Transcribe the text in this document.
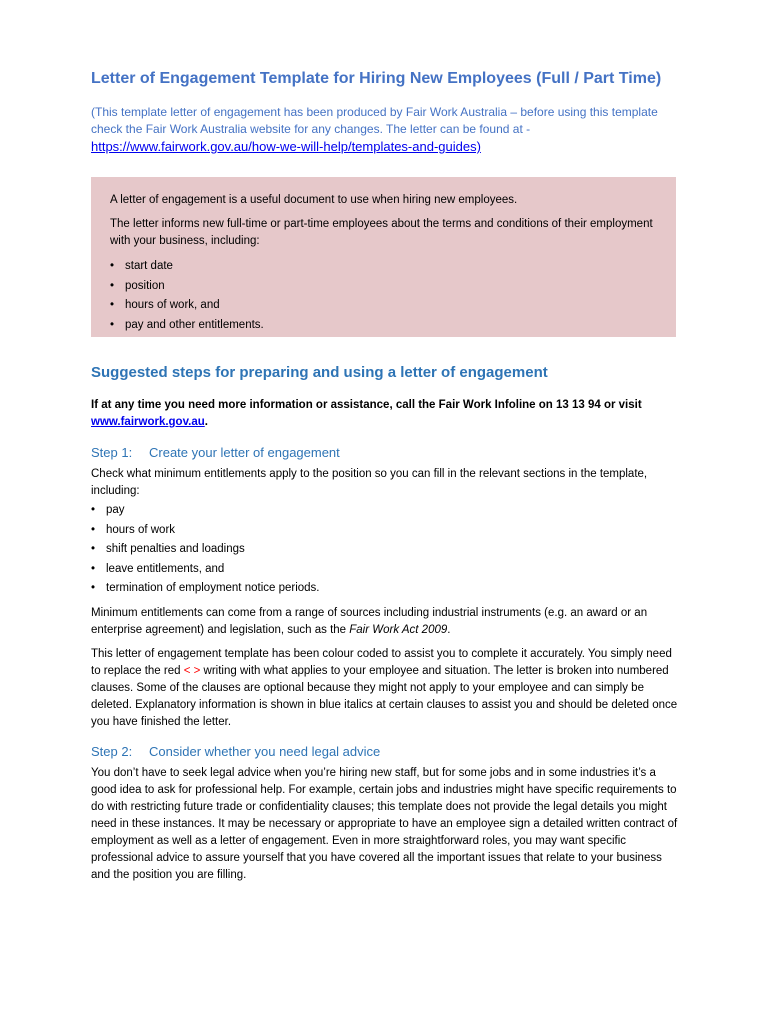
Letter of Engagement Template for Hiring New Employees (Full / Part Time)
(This template letter of engagement has been produced by Fair Work Australia – before using this template
check the Fair Work Australia website for any changes. The letter can be found at -
https://www.fairwork.gov.au/how-we-will-help/templates-and-guides)

A letter of engagement is a useful document to use when hiring new employees.

The letter informs new full-time or part-time employees about the terms and conditions of their employment with your business, including:

• start date
• position
• hours of work, and
• pay and other entitlements.
Suggested steps for preparing and using a letter of engagement
If at any time you need more information or assistance, call the Fair Work Infoline on 13 13 94 or visit
www.fairwork.gov.au.
Step 1: Create your letter of engagement

Check what minimum entitlements apply to the position so you can fill in the relevant sections in the template, including:

• pay
• hours of work
• shift penalties and loadings
• leave entitlements, and
• termination of employment notice periods.

Minimum entitlements can come from a range of sources including industrial instruments (e.g. an award or an enterprise agreement) and legislation, such as the Fair Work Act 2009.

This letter of engagement template has been colour coded to assist you to complete it accurately. You simply need to replace the red < > writing with what applies to your employee and situation. The letter is broken into numbered clauses. Some of the clauses are optional because they might not apply to your employee and can simply be deleted. Explanatory information is shown in blue italics at certain clauses to assist you and should be deleted once you have finished the letter.

Step 2: Consider whether you need legal advice

You don’t have to seek legal advice when you’re hiring new staff, but for some jobs and in some industries it’s a good idea to ask for professional help. For example, certain jobs and industries might have specific requirements to do with restricting future trade or confidentiality clauses; this template does not provide the legal details you might need in these instances. It may be necessary or appropriate to have an employee sign a detailed written contract of employment as well as a letter of engagement. Even in more straightforward roles, you may want specific professional advice to assure yourself that you have covered all the important issues that relate to your business and the position you are filling.
